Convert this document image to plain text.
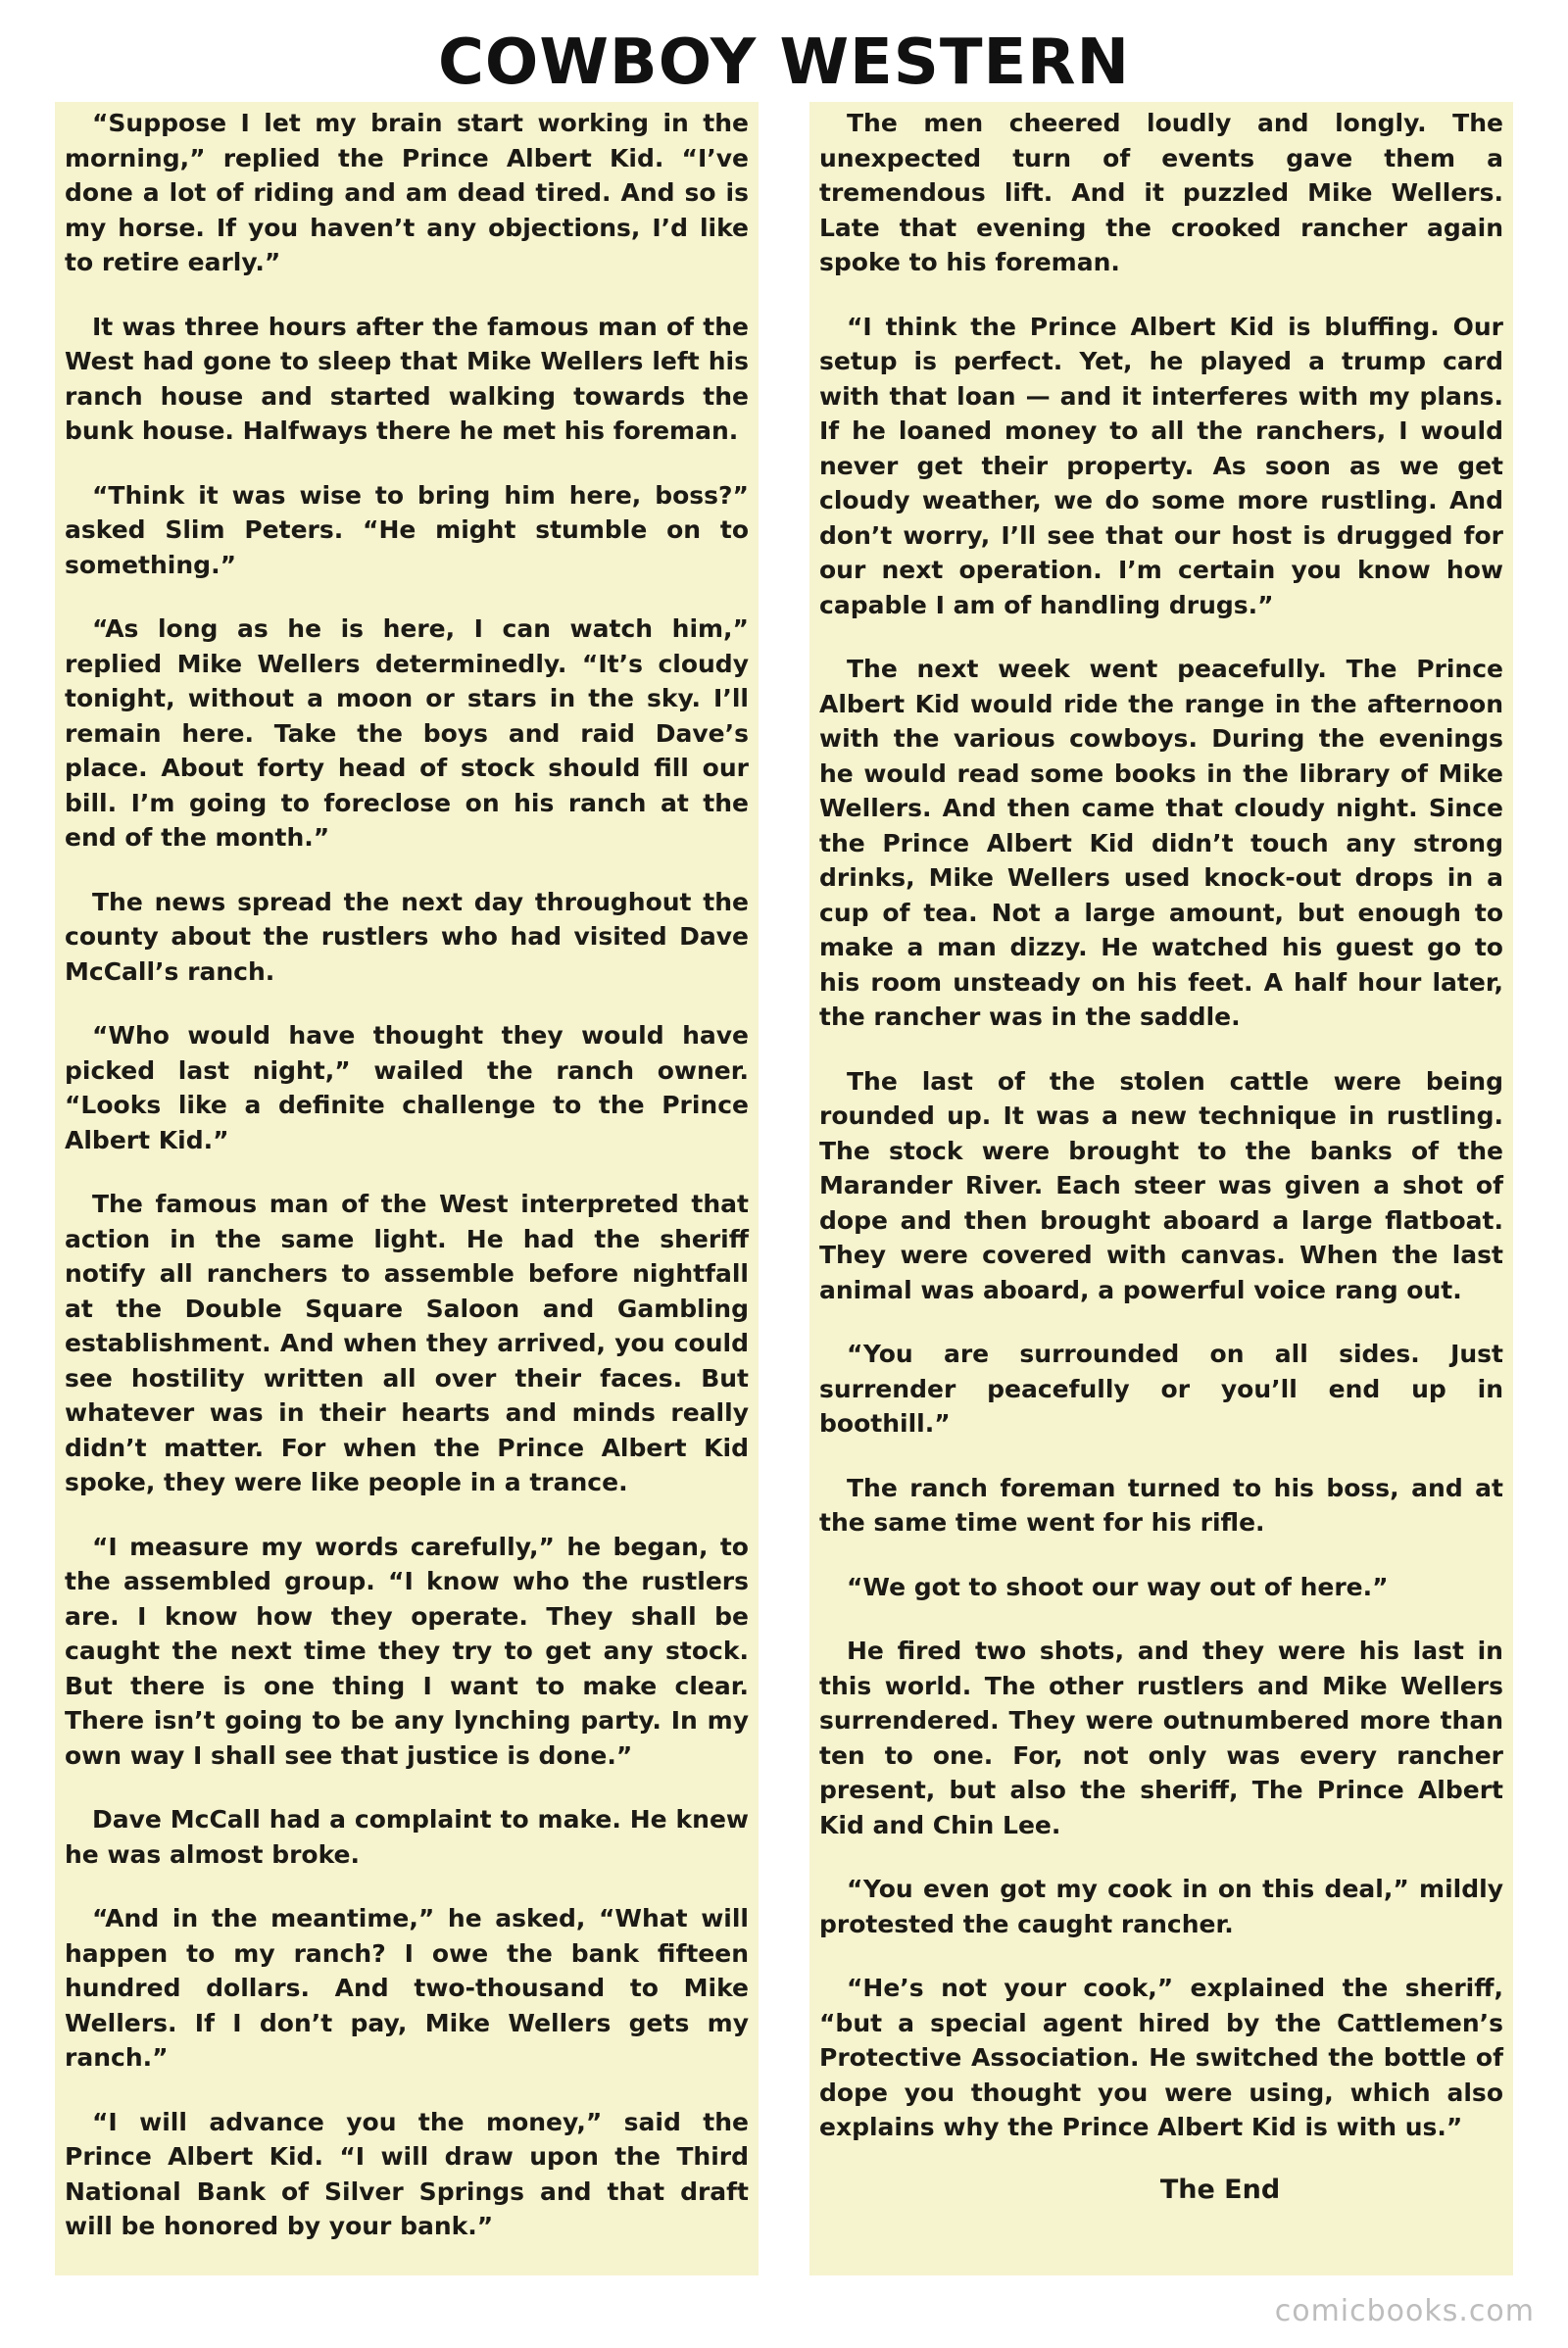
COWBOY WESTERN

“Suppose I let my brain start working in the morning,” replied the Prince Albert Kid. “I’ve done a lot of riding and am dead tired. And so is my horse. If you haven’t any objections, I’d like to retire early.”

It was three hours after the famous man of the West had gone to sleep that Mike Wellers left his ranch house and started walking towards the bunk house. Halfways there he met his foreman.

“Think it was wise to bring him here, boss?” asked Slim Peters. “He might stumble on to something.”

“As long as he is here, I can watch him,” replied Mike Wellers determinedly. “It’s cloudy tonight, without a moon or stars in the sky. I’ll remain here. Take the boys and raid Dave’s place. About forty head of stock should fill our bill. I’m going to foreclose on his ranch at the end of the month.”

The news spread the next day throughout the county about the rustlers who had visited Dave McCall’s ranch.

“Who would have thought they would have picked last night,” wailed the ranch owner. “Looks like a definite challenge to the Prince Albert Kid.”

The famous man of the West interpreted that action in the same light. He had the sheriff notify all ranchers to assemble before nightfall at the Double Square Saloon and Gambling establishment. And when they arrived, you could see hostility written all over their faces. But whatever was in their hearts and minds really didn’t matter. For when the Prince Albert Kid spoke, they were like people in a trance.

“I measure my words carefully,” he began, to the assembled group. “I know who the rustlers are. I know how they operate. They shall be caught the next time they try to get any stock. But there is one thing I want to make clear. There isn’t going to be any lynching party. In my own way I shall see that justice is done.”

Dave McCall had a complaint to make. He knew he was almost broke.

“And in the meantime,” he asked, “What will happen to my ranch? I owe the bank fifteen hundred dollars. And two-thousand to Mike Wellers. If I don’t pay, Mike Wellers gets my ranch.”

“I will advance you the money,” said the Prince Albert Kid. “I will draw upon the Third National Bank of Silver Springs and that draft will be honored by your bank.”

The men cheered loudly and longly. The unexpected turn of events gave them a tremendous lift. And it puzzled Mike Wellers. Late that evening the crooked rancher again spoke to his foreman.

“I think the Prince Albert Kid is bluffing. Our setup is perfect. Yet, he played a trump card with that loan — and it interferes with my plans. If he loaned money to all the ranchers, I would never get their property. As soon as we get cloudy weather, we do some more rustling. And don’t worry, I’ll see that our host is drugged for our next operation. I’m certain you know how capable I am of handling drugs.”

The next week went peacefully. The Prince Albert Kid would ride the range in the afternoon with the various cowboys. During the evenings he would read some books in the library of Mike Wellers. And then came that cloudy night. Since the Prince Albert Kid didn’t touch any strong drinks, Mike Wellers used knock-out drops in a cup of tea. Not a large amount, but enough to make a man dizzy. He watched his guest go to his room unsteady on his feet. A half hour later, the rancher was in the saddle.

The last of the stolen cattle were being rounded up. It was a new technique in rustling. The stock were brought to the banks of the Marander River. Each steer was given a shot of dope and then brought aboard a large flatboat. They were covered with canvas. When the last animal was aboard, a powerful voice rang out.

“You are surrounded on all sides. Just surrender peacefully or you’ll end up in boothill.”

The ranch foreman turned to his boss, and at the same time went for his rifle.

“We got to shoot our way out of here.”

He fired two shots, and they were his last in this world. The other rustlers and Mike Wellers surrendered. They were outnumbered more than ten to one. For, not only was every rancher present, but also the sheriff, The Prince Albert Kid and Chin Lee.

“You even got my cook in on this deal,” mildly protested the caught rancher.

“He’s not your cook,” explained the sheriff, “but a special agent hired by the Cattlemen’s Protective Association. He switched the bottle of dope you thought you were using, which also explains why the Prince Albert Kid is with us.”

The End
comicbooks.com
